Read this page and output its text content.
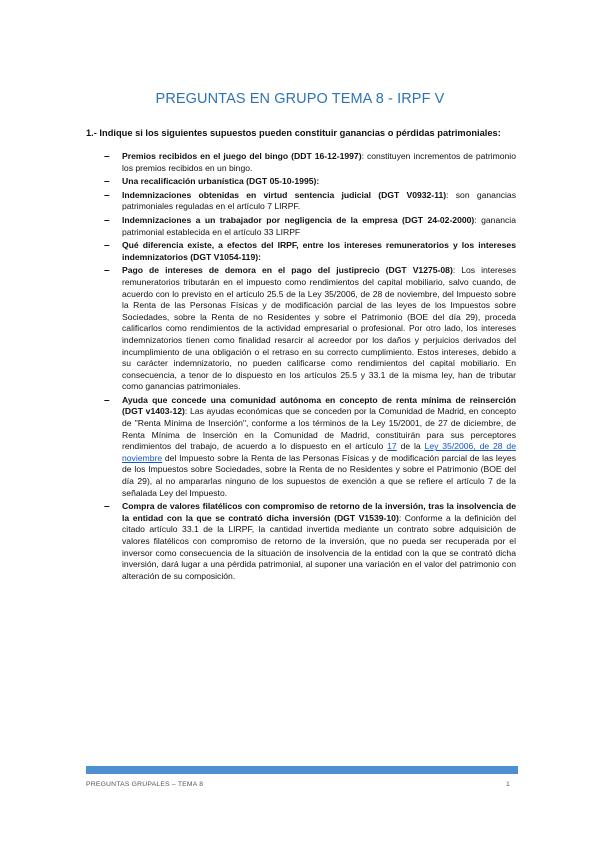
PREGUNTAS EN GRUPO TEMA 8 - IRPF V
1.- Indique si los siguientes supuestos pueden constituir ganancias o pérdidas patrimoniales:
– Premios recibidos en el juego del bingo (DDT 16-12-1997): constituyen incrementos de patrimonio los premios recibidos en un bingo.
– Una recalificación urbanística (DGT 05-10-1995):
– Indemnizaciones obtenidas en virtud sentencia judicial (DGT V0932-11): son ganancias patrimoniales reguladas en el artículo 7 LIRPF.
– Indemnizaciones a un trabajador por negligencia de la empresa (DGT 24-02-2000): ganancia patrimonial establecida en el artículo 33 LIRPF
– Qué diferencia existe, a efectos del IRPF, entre los intereses remuneratorios y los intereses indemnizatorios (DGT V1054-119):
– Pago de intereses de demora en el pago del justiprecio (DGT V1275-08): Los intereses remuneratorios tributarán en el impuesto como rendimientos del capital mobiliario, salvo cuando, de acuerdo con lo previsto en el artículo 25.5 de la Ley 35/2006, de 28 de noviembre, del Impuesto sobre la Renta de las Personas Físicas y de modificación parcial de las leyes de los Impuestos sobre Sociedades, sobre la Renta de no Residentes y sobre el Patrimonio (BOE del día 29), proceda calificarlos como rendimientos de la actividad empresarial o profesional. Por otro lado, los intereses indemnizatorios tienen como finalidad resarcir al acreedor por los daños y perjuicios derivados del incumplimiento de una obligación o el retraso en su correcto cumplimiento. Estos intereses, debido a su carácter indemnizatorio, no pueden calificarse como rendimientos del capital mobiliario. En consecuencia, a tenor de lo dispuesto en los artículos 25.5 y 33.1 de la misma ley, han de tributar como ganancias patrimoniales.
– Ayuda que concede una comunidad autónoma en concepto de renta mínima de reinserción (DGT v1403-12): Las ayudas económicas que se conceden por la Comunidad de Madrid, en concepto de "Renta Mínima de Inserción", conforme a los términos de la Ley 15/2001, de 27 de diciembre, de Renta Mínima de Inserción en la Comunidad de Madrid, constituirán para sus perceptores rendimientos del trabajo, de acuerdo a lo dispuesto en el artículo 17 de la Ley 35/2006, de 28 de noviembre del Impuesto sobre la Renta de las Personas Físicas y de modificación parcial de las leyes de los Impuestos sobre Sociedades, sobre la Renta de no Residentes y sobre el Patrimonio (BOE del día 29), al no ampararlas ninguno de los supuestos de exención a que se refiere el artículo 7 de la señalada Ley del Impuesto.
– Compra de valores filatélicos con compromiso de retorno de la inversión, tras la insolvencia de la entidad con la que se contrató dicha inversión (DGT V1539-10): Conforme a la definición del citado artículo 33.1 de la LIRPF, la cantidad invertida mediante un contrato sobre adquisición de valores filatélicos con compromiso de retorno de la inversión, que no pueda ser recuperada por el inversor como consecuencia de la situación de insolvencia de la entidad con la que se contrató dicha inversión, dará lugar a una pérdida patrimonial, al suponer una variación en el valor del patrimonio con alteración de su composición.
PREGUNTAS GRUPALES – TEMA 8	1
